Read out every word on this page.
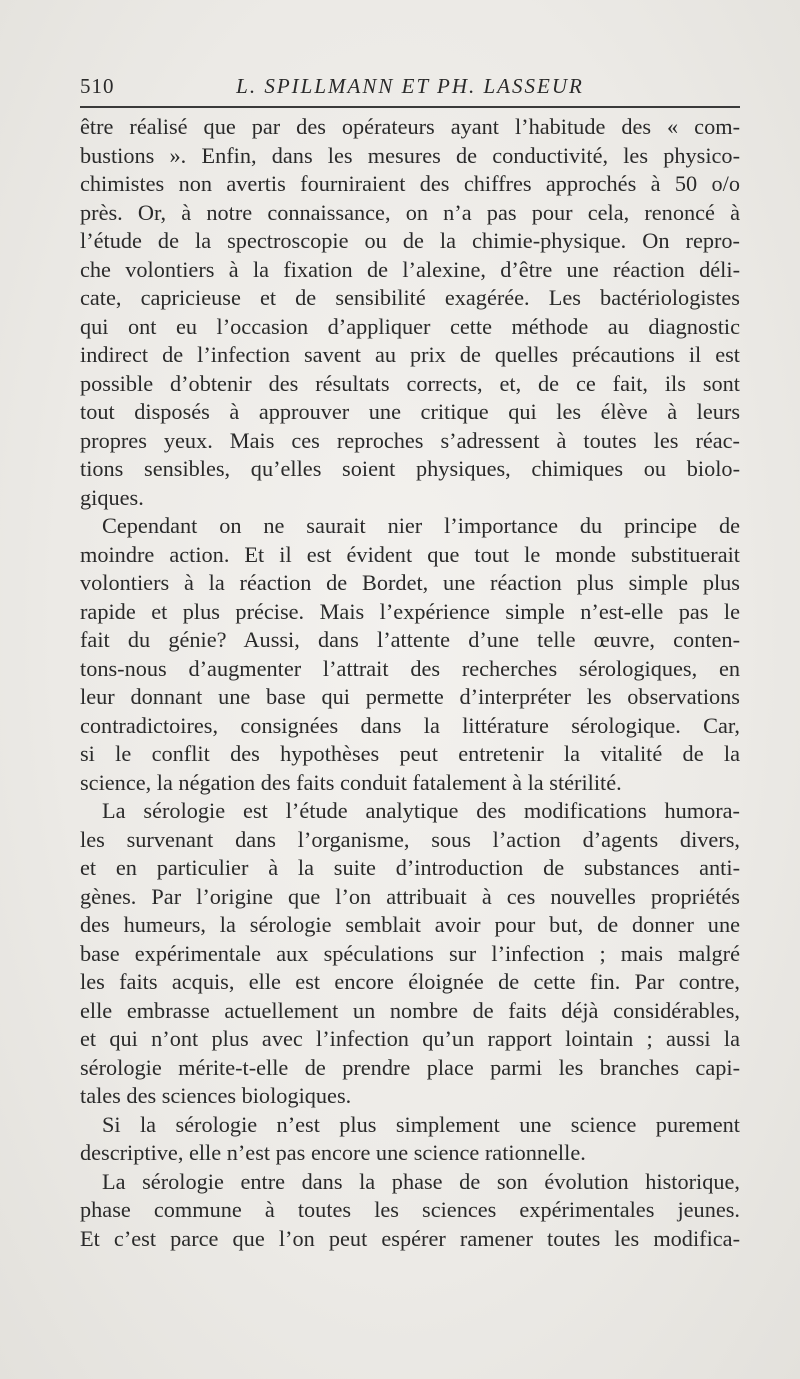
510	L. SPILLMANN ET PH. LASSEUR

être réalisé que par des opérateurs ayant l’habitude des « com-

bustions ». Enfin, dans les mesures de conductivité, les physico-

chimistes non avertis fourniraient des chiffres approchés à 50 o/o

près. Or, à notre connaissance, on n’a pas pour cela, renoncé à

l’étude de la spectroscopie ou de la chimie-physique. On repro-

che volontiers à la fixation de l’alexine, d’être une réaction déli-

cate, capricieuse et de sensibilité exagérée. Les bactériologistes

qui ont eu l’occasion d’appliquer cette méthode au diagnostic

indirect de l’infection savent au prix de quelles précautions il est

possible d’obtenir des résultats corrects, et, de ce fait, ils sont

tout disposés à approuver une critique qui les élève à leurs

propres yeux. Mais ces reproches s’adressent à toutes les réac-

tions sensibles, qu’elles soient physiques, chimiques ou biolo-

giques.

Cependant on ne saurait nier l’importance du principe de

moindre action. Et il est évident que tout le monde substituerait

volontiers à la réaction de Bordet, une réaction plus simple plus

rapide et plus précise. Mais l’expérience simple n’est-elle pas le

fait du génie? Aussi, dans l’attente d’une telle œuvre, conten-

tons-nous d’augmenter l’attrait des recherches sérologiques, en

leur donnant une base qui permette d’interpréter les observations

contradictoires, consignées dans la littérature sérologique. Car,

si le conflit des hypothèses peut entretenir la vitalité de la

science, la négation des faits conduit fatalement à la stérilité.

La sérologie est l’étude analytique des modifications humora-

les survenant dans l’organisme, sous l’action d’agents divers,

et en particulier à la suite d’introduction de substances anti-

gènes. Par l’origine que l’on attribuait à ces nouvelles propriétés

des humeurs, la sérologie semblait avoir pour but, de donner une

base expérimentale aux spéculations sur l’infection ; mais malgré

les faits acquis, elle est encore éloignée de cette fin. Par contre,

elle embrasse actuellement un nombre de faits déjà considérables,

et qui n’ont plus avec l’infection qu’un rapport lointain ; aussi la

sérologie mérite-t-elle de prendre place parmi les branches capi-

tales des sciences biologiques.

Si la sérologie n’est plus simplement une science purement

descriptive, elle n’est pas encore une science rationnelle.

La sérologie entre dans la phase de son évolution historique,

phase commune à toutes les sciences expérimentales jeunes.

Et c’est parce que l’on peut espérer ramener toutes les modifica-
